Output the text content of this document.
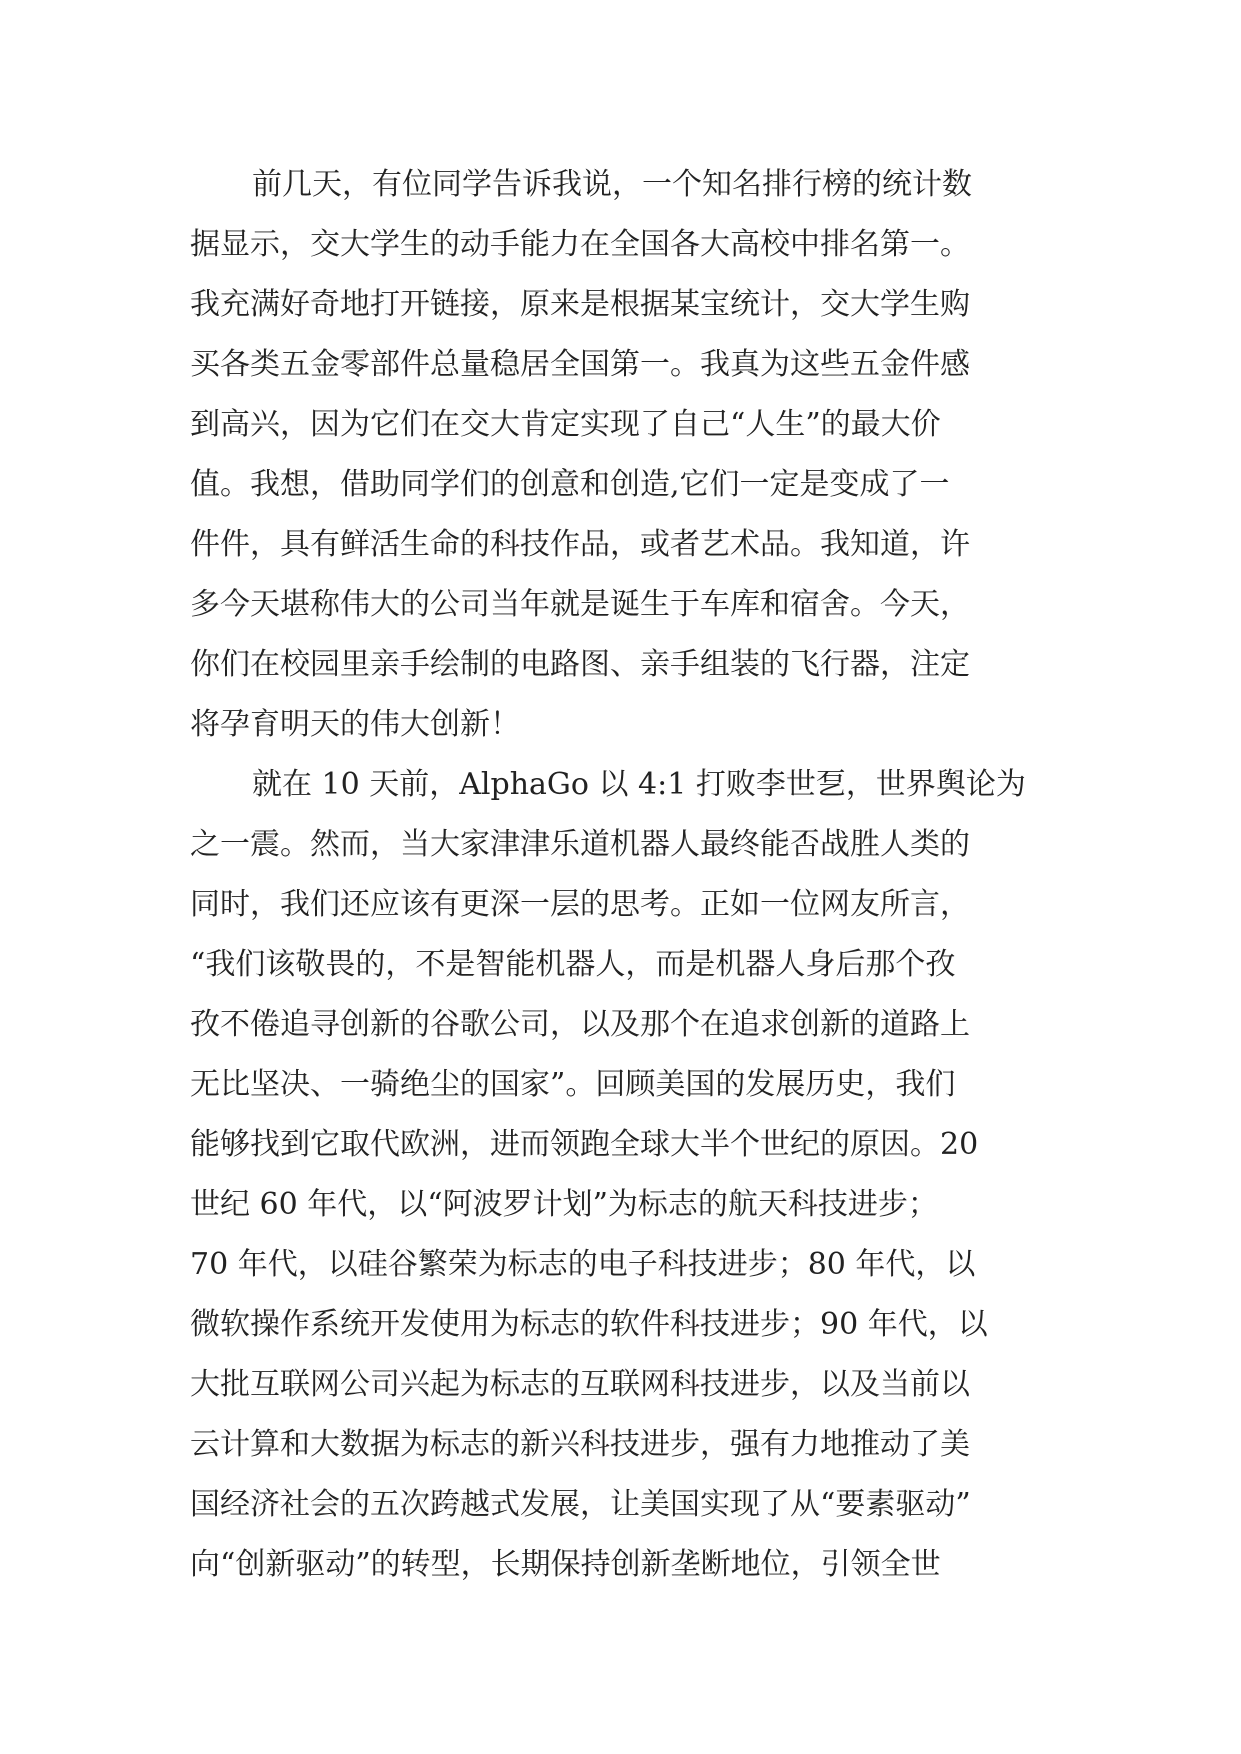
前几天，有位同学告诉我说，一个知名排行榜的统计数
据显示，交大学生的动手能力在全国各大高校中排名第一。
我充满好奇地打开链接，原来是根据某宝统计，交大学生购
买各类五金零部件总量稳居全国第一。我真为这些五金件感
到高兴，因为它们在交大肯定实现了自己“人生”的最大价
值。我想，借助同学们的创意和创造,它们一定是变成了一
件件，具有鲜活生命的科技作品，或者艺术品。我知道，许
多今天堪称伟大的公司当年就是诞生于车库和宿舍。今天，
你们在校园里亲手绘制的电路图、亲手组装的飞行器，注定
将孕育明天的伟大创新！
就在 10 天前，AlphaGo 以 4:1 打败李世乭，世界舆论为
之一震。然而，当大家津津乐道机器人最终能否战胜人类的
同时，我们还应该有更深一层的思考。正如一位网友所言，
“我们该敬畏的，不是智能机器人，而是机器人身后那个孜
孜不倦追寻创新的谷歌公司，以及那个在追求创新的道路上
无比坚决、一骑绝尘的国家”。回顾美国的发展历史，我们
能够找到它取代欧洲，进而领跑全球大半个世纪的原因。20
世纪 60 年代，以“阿波罗计划”为标志的航天科技进步；
70 年代，以硅谷繁荣为标志的电子科技进步；80 年代，以
微软操作系统开发使用为标志的软件科技进步；90 年代，以
大批互联网公司兴起为标志的互联网科技进步，以及当前以
云计算和大数据为标志的新兴科技进步，强有力地推动了美
国经济社会的五次跨越式发展，让美国实现了从“要素驱动”
向“创新驱动”的转型，长期保持创新垄断地位，引领全世
